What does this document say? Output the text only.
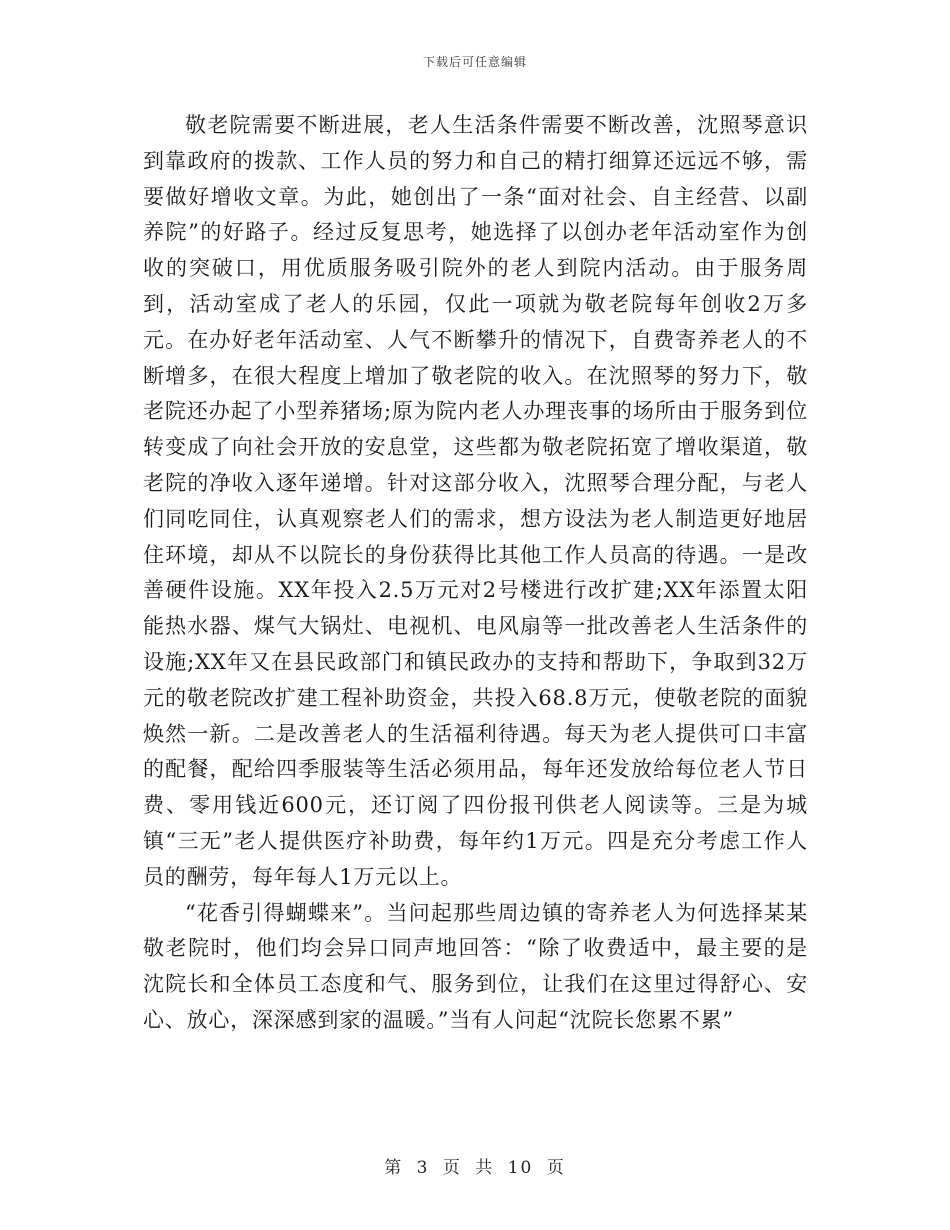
下载后可任意编辑

敬老院需要不断进展，老人生活条件需要不断改善，沈照琴意识到靠政府的拨款、工作人员的努力和自己的精打细算还远远不够，需要做好增收文章。为此，她创出了一条“面对社会、自主经营、以副养院”的好路子。经过反复思考，她选择了以创办老年活动室作为创收的突破口，用优质服务吸引院外的老人到院内活动。由于服务周到，活动室成了老人的乐园，仅此一项就为敬老院每年创收2万多元。在办好老年活动室、人气不断攀升的情况下，自费寄养老人的不断增多，在很大程度上增加了敬老院的收入。在沈照琴的努力下，敬老院还办起了小型养猪场;原为院内老人办理丧事的场所由于服务到位转变成了向社会开放的安息堂，这些都为敬老院拓宽了增收渠道，敬老院的净收入逐年递增。针对这部分收入，沈照琴合理分配，与老人们同吃同住，认真观察老人们的需求，想方设法为老人制造更好地居住环境，却从不以院长的身份获得比其他工作人员高的待遇。一是改善硬件设施。XX年投入2.5万元对2号楼进行改扩建;XX年添置太阳能热水器、煤气大锅灶、电视机、电风扇等一批改善老人生活条件的设施;XX年又在县民政部门和镇民政办的支持和帮助下，争取到32万元的敬老院改扩建工程补助资金，共投入68.8万元，使敬老院的面貌焕然一新。二是改善老人的生活福利待遇。每天为老人提供可口丰富的配餐，配给四季服装等生活必须用品，每年还发放给每位老人节日费、零用钱近600元，还订阅了四份报刊供老人阅读等。三是为城镇“三无”老人提供医疗补助费，每年约1万元。四是充分考虑工作人员的酬劳，每年每人1万元以上。

“花香引得蝴蝶来”。当问起那些周边镇的寄养老人为何选择某某敬老院时，他们均会异口同声地回答：“除了收费适中，最主要的是沈院长和全体员工态度和气、服务到位，让我们在这里过得舒心、安心、放心，深深感到家的温暖。”当有人问起“沈院长您累不累”

第 3 页 共 10 页
